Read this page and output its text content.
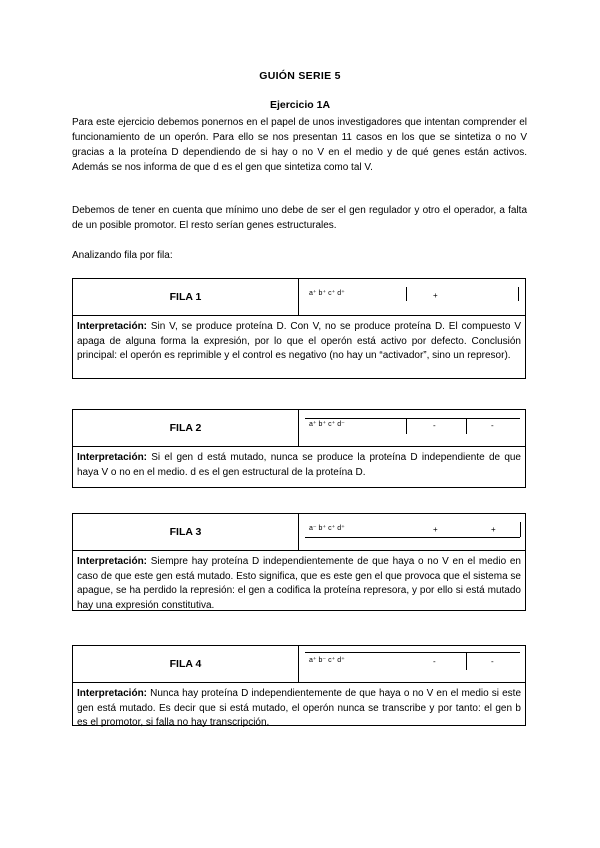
GUIÓN SERIE 5
Ejercicio 1A

Para este ejercicio debemos ponernos en el papel de unos investigadores que intentan comprender el funcionamiento de un operón. Para ello se nos presentan 11 casos en los que se sintetiza o no V gracias a la proteína D dependiendo de si hay o no V en el medio y de qué genes están activos. Además se nos informa de que d es el gen que sintetiza como tal V.

Debemos de tener en cuenta que mínimo uno debe de ser el gen regulador y otro el operador, a falta de un posible promotor. El resto serían genes estructurales.

Analizando fila por fila:

FILA 1	a⁺ b⁺ c⁺ d⁺	+
Interpretación: Sin V, se produce proteína D. Con V, no se produce proteína D. El compuesto V apaga de alguna forma la expresión, por lo que el operón está activo por defecto. Conclusión principal: el operón es reprimible y el control es negativo (no hay un “activador”, sino un represor).
FILA 2	a⁺ b⁺ c⁺ d⁻	-	-
Interpretación: Si el gen d está mutado, nunca se produce la proteína D independiente de que haya V o no en el medio. d es el gen estructural de la proteína D.
FILA 3	a⁻ b⁺ c⁺ d⁺	+	+
Interpretación: Siempre hay proteína D independientemente de que haya o no V en el medio en caso de que este gen está mutado. Esto significa, que es este gen el que provoca que el sistema se apague, se ha perdido la represión: el gen a codifica la proteína represora, y por ello si está mutado hay una expresión constitutiva.
FILA 4	a⁺ b⁻ c⁺ d⁺	-	-
Interpretación: Nunca hay proteína D independientemente de que haya o no V en el medio si este gen está mutado. Es decir que si está mutado, el operón nunca se transcribe y por tanto: el gen b es el promotor, si falla no hay transcripción.
